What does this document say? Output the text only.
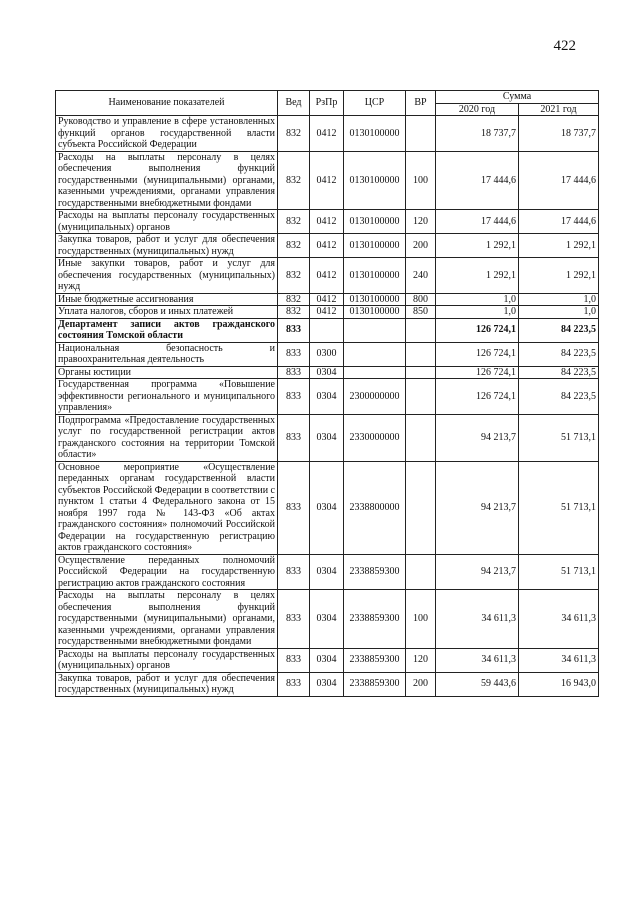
422
Наименование показателей	Вед	РзПр	ЦСР	ВР	Сумма	
					2020 год	2021 год
Руководство и управление в сфере установленных функций органов государственной власти субъекта Российской Федерации	832	0412	0130100000		18 737,7	18 737,7
Расходы на выплаты персоналу в целях обеспечения выполнения функций государственными (муниципальными) органами, казенными учреждениями, органами управления государственными внебюджетными фондами	832	0412	0130100000	100	17 444,6	17 444,6
Расходы на выплаты персоналу государственных (муниципальных) органов	832	0412	0130100000	120	17 444,6	17 444,6
Закупка товаров, работ и услуг для обеспечения государственных (муниципальных) нужд	832	0412	0130100000	200	1 292,1	1 292,1
Иные закупки товаров, работ и услуг для обеспечения государственных (муниципальных) нужд	832	0412	0130100000	240	1 292,1	1 292,1
Иные бюджетные ассигнования	832	0412	0130100000	800	1,0	1,0
Уплата налогов, сборов и иных платежей	832	0412	0130100000	850	1,0	1,0
Департамент записи актов гражданского состояния Томской области	833				126 724,1	84 223,5
Национальная безопасность и правоохранительная деятельность	833	0300			126 724,1	84 223,5
Органы юстиции	833	0304			126 724,1	84 223,5
Государственная программа «Повышение эффективности регионального и муниципального управления»	833	0304	2300000000		126 724,1	84 223,5
Подпрограмма «Предоставление государственных услуг по государственной регистрации актов гражданского состояния на территории Томской области»	833	0304	2330000000		94 213,7	51 713,1
Основное мероприятие «Осуществление переданных органам государственной власти субъектов Российской Федерации в соответствии с пунктом 1 статьи 4 Федерального закона от 15 ноября 1997 года № 143-ФЗ «Об актах гражданского состояния» полномочий Российской Федерации на государственную регистрацию актов гражданского состояния»	833	0304	2338800000		94 213,7	51 713,1
Осуществление переданных полномочий Российской Федерации на государственную регистрацию актов гражданского состояния	833	0304	2338859300		94 213,7	51 713,1
Расходы на выплаты персоналу в целях обеспечения выполнения функций государственными (муниципальными) органами, казенными учреждениями, органами управления государственными внебюджетными фондами	833	0304	2338859300	100	34 611,3	34 611,3
Расходы на выплаты персоналу государственных (муниципальных) органов	833	0304	2338859300	120	34 611,3	34 611,3
Закупка товаров, работ и услуг для обеспечения государственных (муниципальных) нужд	833	0304	2338859300	200	59 443,6	16 943,0
